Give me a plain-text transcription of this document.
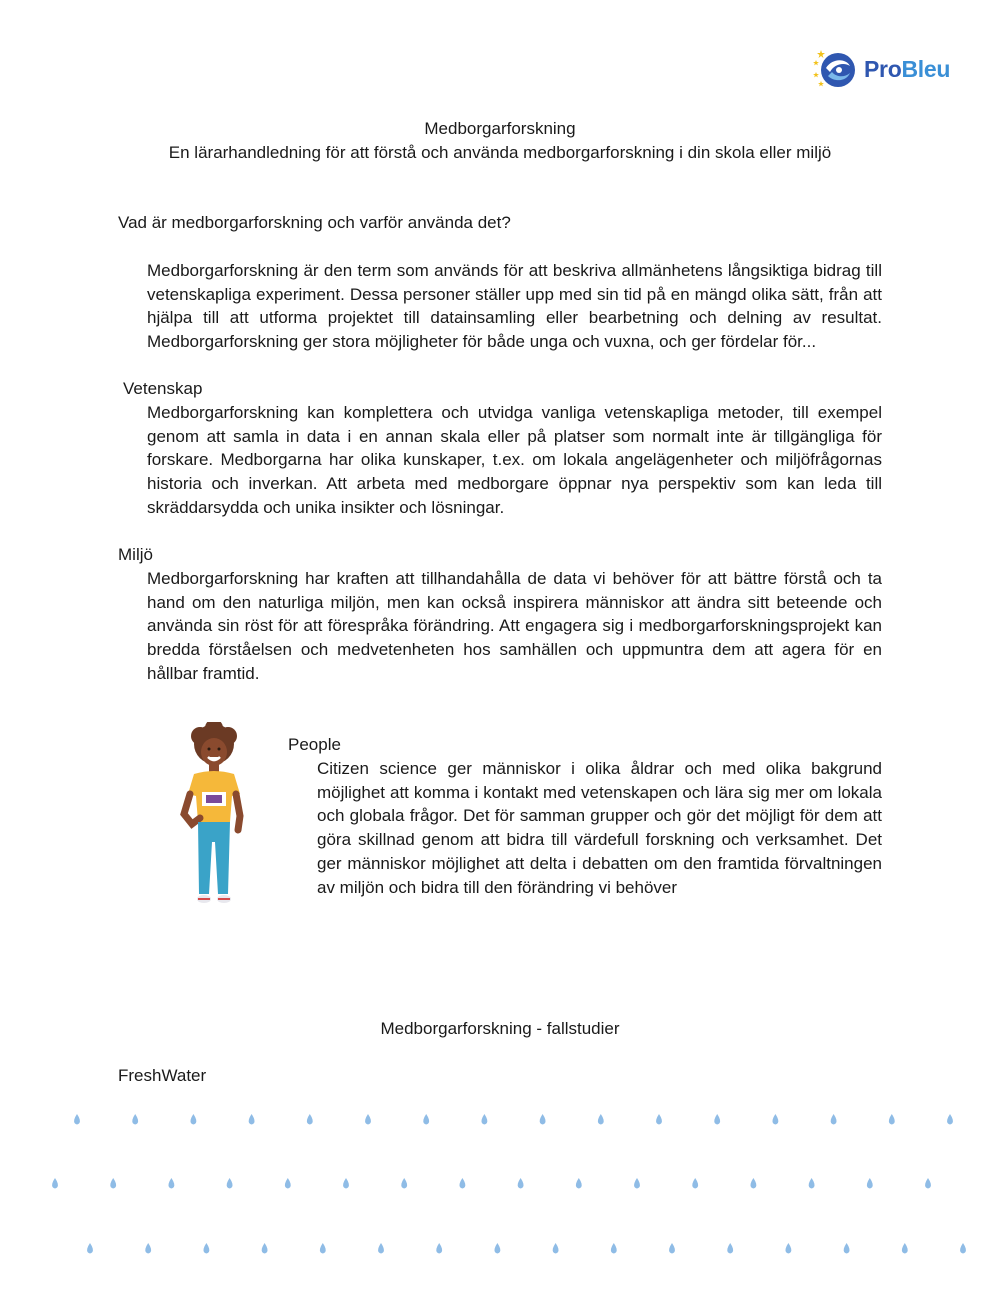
ProBleu
Medborgarforskning
En lärarhandledning för att förstå och använda medborgarforskning i din skola eller miljö
Vad är medborgarforskning och varför använda det?

Medborgarforskning är den term som används för att beskriva allmänhetens långsiktiga bidrag till vetenskapliga experiment. Dessa personer ställer upp med sin tid på en mängd olika sätt, från att hjälpa till att utforma projektet till datainsamling eller bearbetning och delning av resultat. Medborgarforskning ger stora möjligheter för både unga och vuxna, och ger fördelar för...

Vetenskap

Medborgarforskning kan komplettera och utvidga vanliga vetenskapliga metoder, till exempel genom att samla in data i en annan skala eller på platser som normalt inte är tillgängliga för forskare. Medborgarna har olika kunskaper, t.ex. om lokala angelägenheter och miljöfrågornas historia och inverkan. Att arbeta med medborgare öppnar nya perspektiv som kan leda till skräddarsydda och unika insikter och lösningar.

Miljö

Medborgarforskning har kraften att tillhandahålla de data vi behöver för att bättre förstå och ta hand om den naturliga miljön, men kan också inspirera människor att ändra sitt beteende och använda sin röst för att förespråka förändring. Att engagera sig i medborgarforskningsprojekt kan bredda förståelsen och medvetenheten hos samhällen och uppmuntra dem att agera för en hållbar framtid.

People

Citizen science ger människor i olika åldrar och med olika bakgrund möjlighet att komma i kontakt med vetenskapen och lära sig mer om lokala och globala frågor. Det för samman grupper och gör det möjligt för dem att göra skillnad genom att bidra till värdefull forskning och verksamhet. Det ger människor möjlighet att delta i debatten om den framtida förvaltningen av miljön och bidra till den förändring vi behöver

Medborgarforskning - fallstudier
FreshWater
